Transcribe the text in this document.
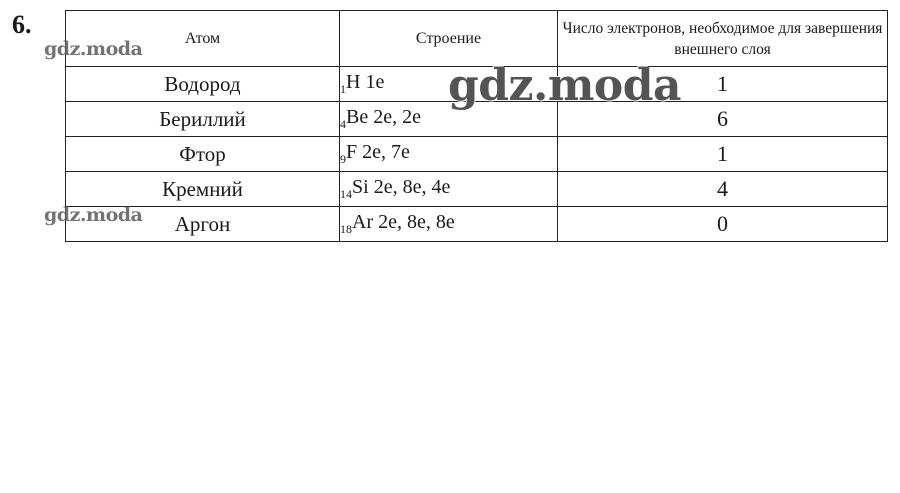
6.	Атом	Строение	Число электронов, необходимое для завершения внешнего слоя
Водород	$_1$H 1e	1
Бериллий	$_4$Be 2e, 2e	6
Фтор	$_9$F 2e, 7e	1
Кремний	$_{14}$Si 2e, 8e, 4e	4
Аргон	$_{18}$Ar 2e, 8e, 8e	0
gdz.moda
gdz.moda
gdz.moda
